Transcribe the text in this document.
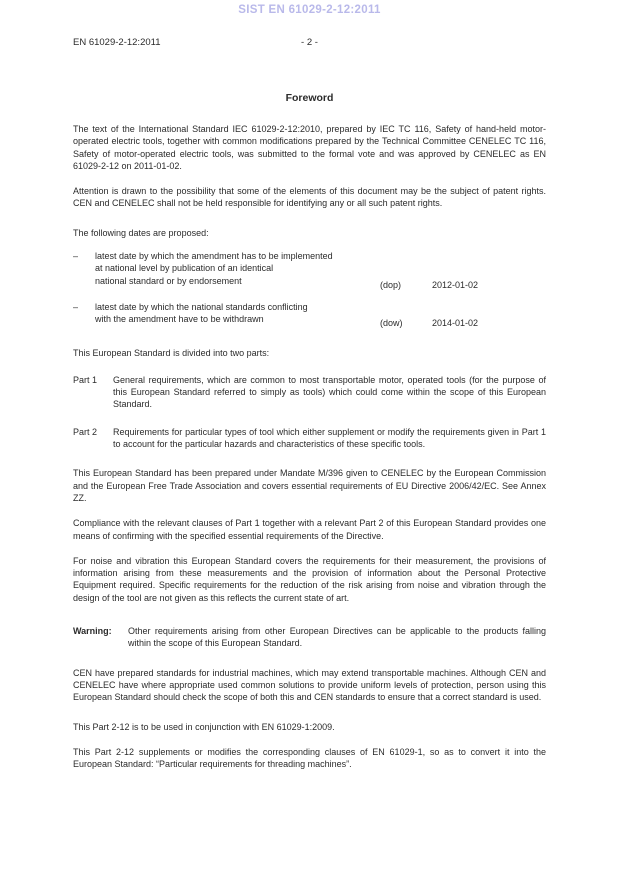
SIST EN 61029-2-12:2011
EN 61029-2-12:2011	- 2 -
Foreword

The text of the International Standard IEC 61029-2-12:2010, prepared by IEC TC 116, Safety of hand-held motor-operated electric tools, together with common modifications prepared by the Technical Committee CENELEC TC 116, Safety of motor-operated electric tools, was submitted to the formal vote and was approved by CENELEC as EN 61029-2-12 on 2011-01-02.

Attention is drawn to the possibility that some of the elements of this document may be the subject of patent rights. CEN and CENELEC shall not be held responsible for identifying any or all such patent rights.

The following dates are proposed:

–	latest date by which the amendment has to be implemented
at national level by publication of an identical
national standard or by endorsement	(dop)	2012-01-02
–	latest date by which the national standards conflicting
with the amendment have to be withdrawn	(dow)	2014-01-02

This European Standard is divided into two parts:

Part 1	General requirements, which are common to most transportable motor, operated tools (for the purpose of this European Standard referred to simply as tools) which could come within the scope of this European Standard.
Part 2	Requirements for particular types of tool which either supplement or modify the requirements given in Part 1 to account for the particular hazards and characteristics of these specific tools.

This European Standard has been prepared under Mandate M/396 given to CENELEC by the European Commission and the European Free Trade Association and covers essential requirements of EU Directive 2006/42/EC. See Annex ZZ.

Compliance with the relevant clauses of Part 1 together with a relevant Part 2 of this European Standard provides one means of confirming with the specified essential requirements of the Directive.

For noise and vibration this European Standard covers the requirements for their measurement, the provisions of information arising from these measurements and the provision of information about the Personal Protective Equipment required. Specific requirements for the reduction of the risk arising from noise and vibration through the design of the tool are not given as this reflects the current state of art.

Warning:	Other requirements arising from other European Directives can be applicable to the products falling within the scope of this European Standard.

CEN have prepared standards for industrial machines, which may extend transportable machines. Although CEN and CENELEC have where appropriate used common solutions to provide uniform levels of protection, person using this European Standard should check the scope of both this and CEN standards to ensure that a correct standard is used.

This Part 2-12 is to be used in conjunction with EN 61029-1:2009.

This Part 2-12 supplements or modifies the corresponding clauses of EN 61029-1, so as to convert it into the European Standard: “Particular requirements for threading machines”.
